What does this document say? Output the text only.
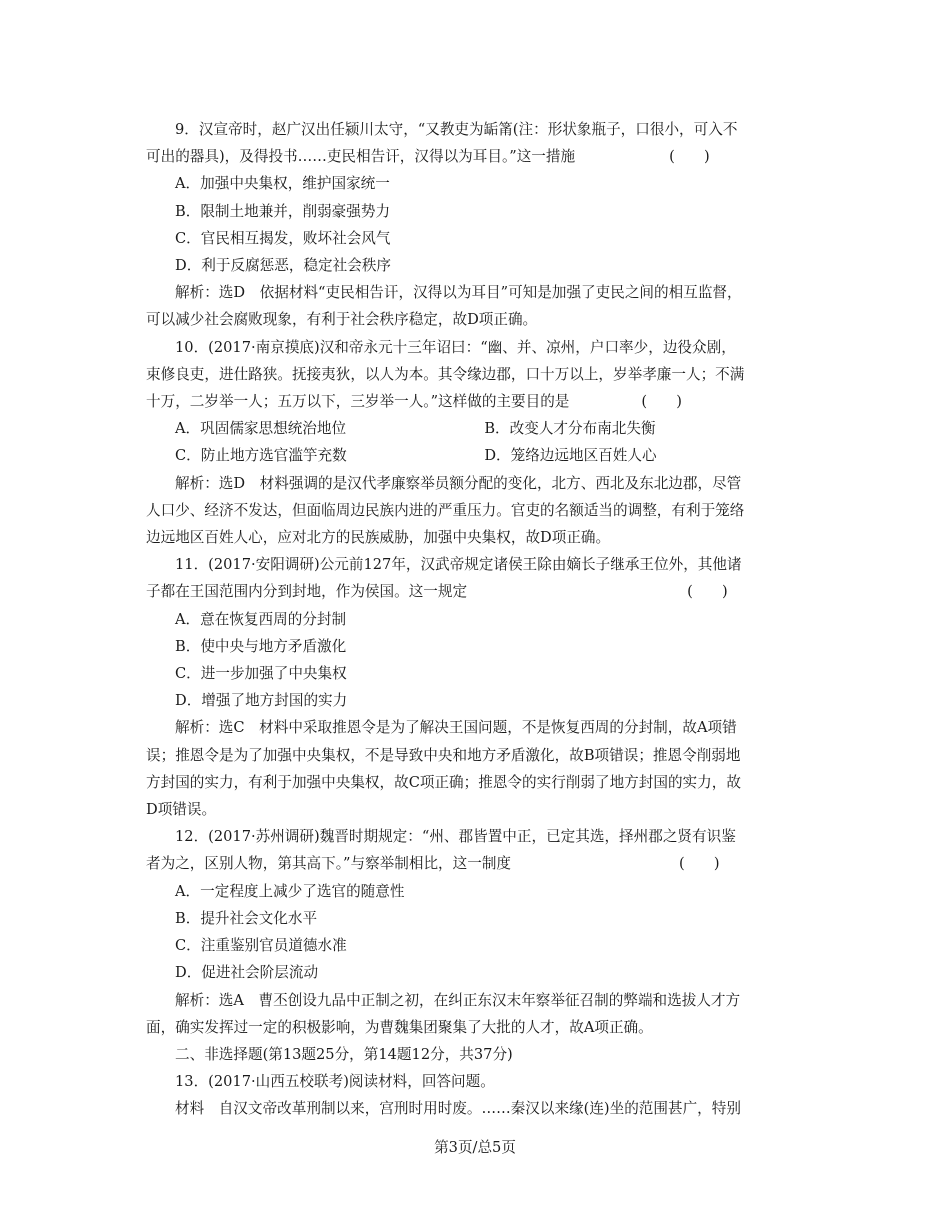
9．汉宣帝时，赵广汉出任颍川太守，“又教吏为缿筩(注：形状象瓶子，口很小，可入不
可出的器具)，及得投书……吏民相告讦，汉得以为耳目。”这一措施	(　　)
A．加强中央集权，维护国家统一
B．限制土地兼并，削弱豪强势力
C．官民相互揭发，败坏社会风气
D．利于反腐惩恶，稳定社会秩序
解析：选D　依据材料“吏民相告讦，汉得以为耳目”可知是加强了吏民之间的相互监督，
可以减少社会腐败现象，有利于社会秩序稳定，故D项正确。
10．(2017·南京摸底)汉和帝永元十三年诏曰：“幽、并、凉州，户口率少，边役众剧，
束修良吏，进仕路狭。抚接夷狄，以人为本。其令缘边郡，口十万以上，岁举孝廉一人；不满
十万，二岁举一人；五万以下，三岁举一人。”这样做的主要目的是	(　　)
A．巩固儒家思想统治地位	B．改变人才分布南北失衡
C．防止地方选官滥竽充数	D．笼络边远地区百姓人心
解析：选D　材料强调的是汉代孝廉察举员额分配的变化，北方、西北及东北边郡，尽管
人口少、经济不发达，但面临周边民族内进的严重压力。官吏的名额适当的调整，有利于笼络
边远地区百姓人心，应对北方的民族威胁，加强中央集权，故D项正确。
11．(2017·安阳调研)公元前127年，汉武帝规定诸侯王除由嫡长子继承王位外，其他诸
子都在王国范围内分到封地，作为侯国。这一规定	(　　)
A．意在恢复西周的分封制
B．使中央与地方矛盾激化
C．进一步加强了中央集权
D．增强了地方封国的实力
解析：选C　材料中采取推恩令是为了解决王国问题，不是恢复西周的分封制，故A项错
误；推恩令是为了加强中央集权，不是导致中央和地方矛盾激化，故B项错误；推恩令削弱地
方封国的实力，有利于加强中央集权，故C项正确；推恩令的实行削弱了地方封国的实力，故
D项错误。
12．(2017·苏州调研)魏晋时期规定：“州、郡皆置中正，已定其选，择州郡之贤有识鉴
者为之，区别人物，第其高下。”与察举制相比，这一制度	(　　)
A．一定程度上减少了选官的随意性
B．提升社会文化水平
C．注重鉴别官员道德水准
D．促进社会阶层流动
解析：选A　曹丕创设九品中正制之初，在纠正东汉末年察举征召制的弊端和选拔人才方
面，确实发挥过一定的积极影响，为曹魏集团聚集了大批的人才，故A项正确。
二、非选择题(第13题25分，第14题12分，共37分)
13．(2017·山西五校联考)阅读材料，回答问题。
材料　自汉文帝改革刑制以来，宫刑时用时废。……秦汉以来缘(连)坐的范围甚广，特别
第3页/总5页
